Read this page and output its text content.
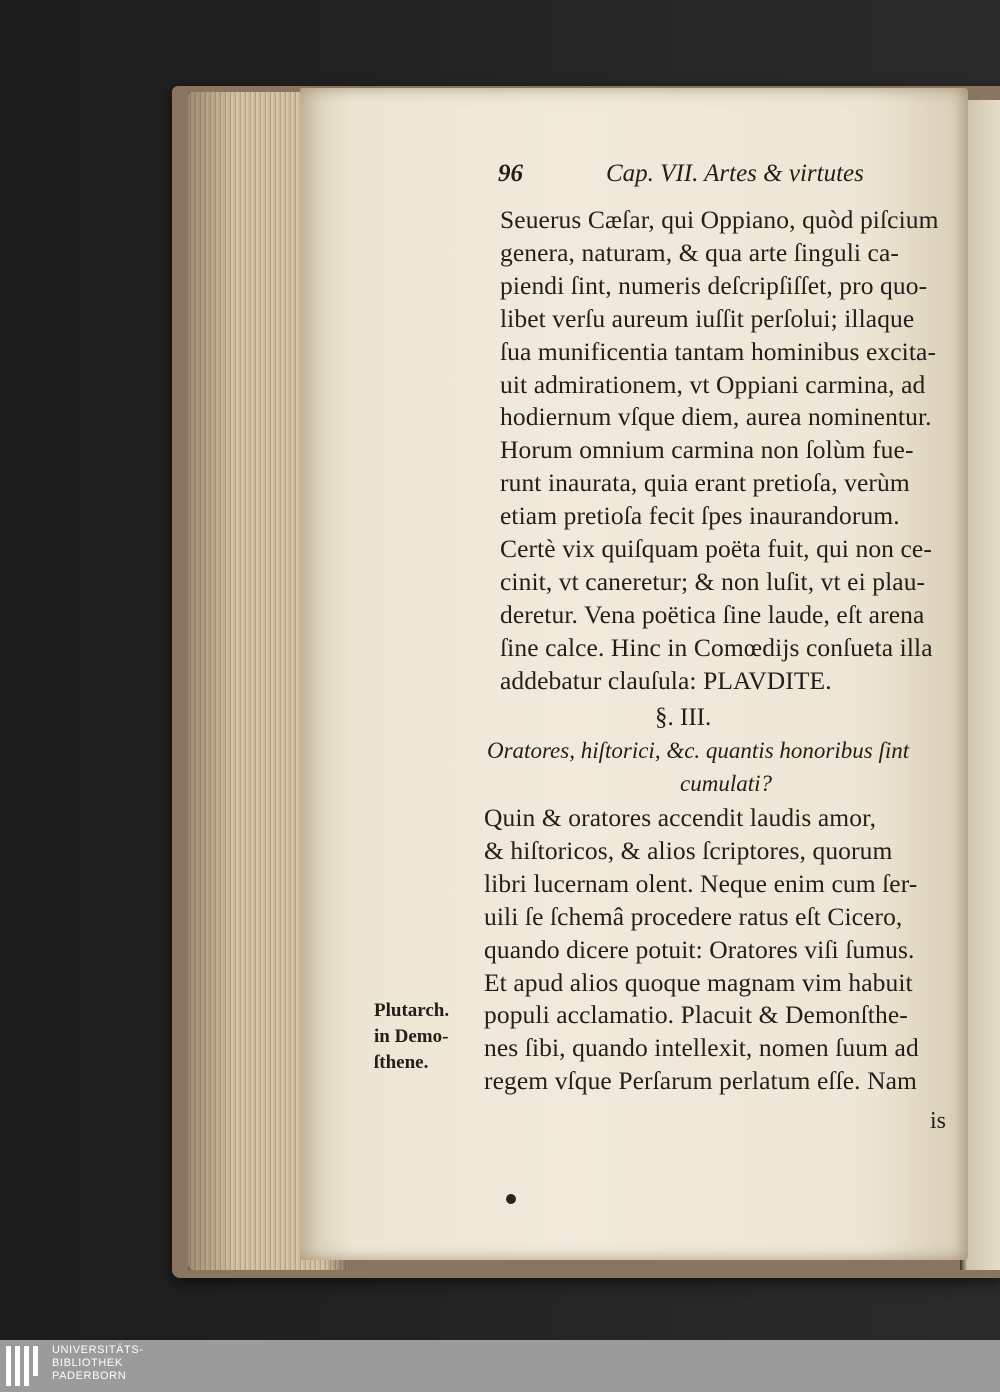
96	Cap. VII. Artes & virtutes
Seuerus Cæſar, qui Oppiano, quòd piſcium
genera, naturam, & qua arte ſinguli ca-
piendi ſint, numeris deſcripſiſſet, pro quo-
libet verſu aureum iuſſit perſolui; illaque
ſua munificentia tantam hominibus excita-
uit admirationem, vt Oppiani carmina, ad
hodiernum vſque diem, aurea nominentur.
Horum omnium carmina non ſolùm fue-
runt inaurata, quia erant pretioſa, verùm
etiam pretioſa fecit ſpes inaurandorum.
Certè vix quiſquam poëta fuit, qui non ce-
cinit, vt caneretur; & non luſit, vt ei plau-
deretur. Vena poëtica ſine laude, eſt arena
ſine calce. Hinc in Comœdijs conſueta illa
addebatur clauſula: PLAVDITE.
§. III.
Oratores, hiſtorici, &c. quantis honoribus ſint
cumulati?
Quin & oratores accendit laudis amor,
& hiſtoricos, & alios ſcriptores, quorum
libri lucernam olent. Neque enim cum ſer-
uili ſe ſchemâ procedere ratus eſt Cicero,
quando dicere potuit: Oratores viſi ſumus.
Et apud alios quoque magnam vim habuit
populi acclamatio. Placuit & Demonſthe-
nes ſibi, quando intellexit, nomen ſuum ad
regem vſque Perſarum perlatum eſſe. Nam
Plutarch.
in Demo-
ſthene.
is
UNIVERSITÄTS-
BIBLIOTHEK
PADERBORN
